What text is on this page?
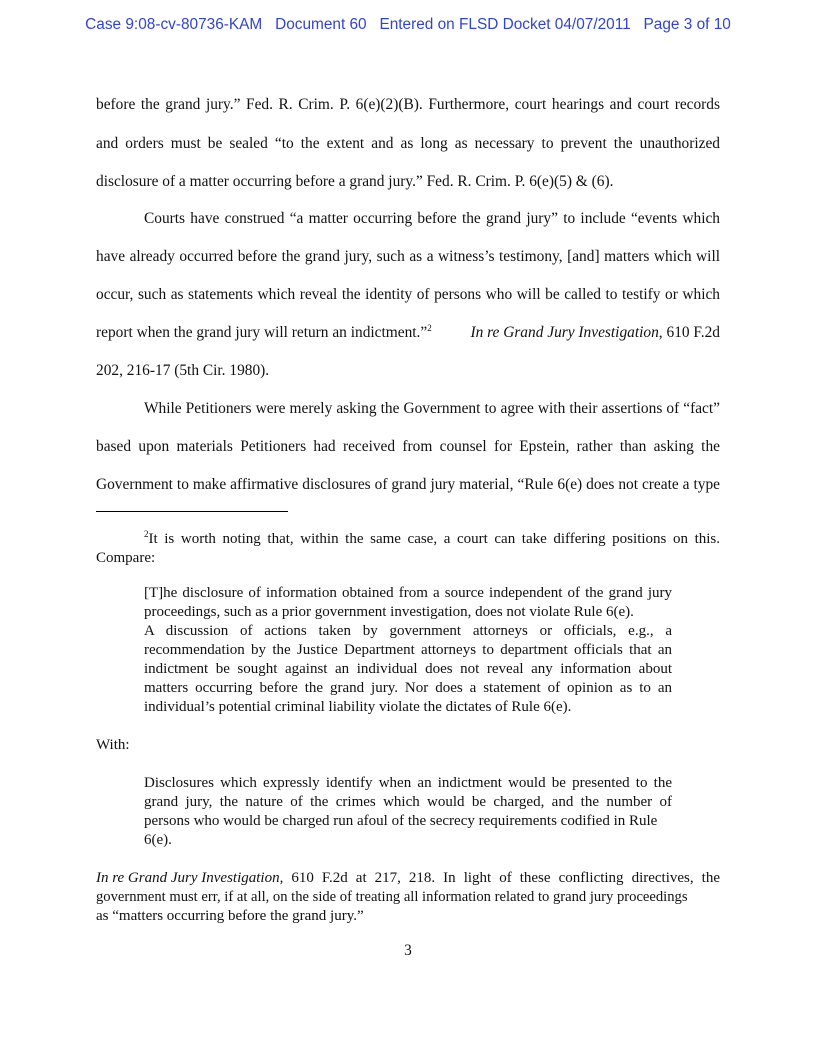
Case 9:08-cv-80736-KAM   Document 60   Entered on FLSD Docket 04/07/2011   Page 3 of 10
before the grand jury.” Fed. R. Crim. P. 6(e)(2)(B). Furthermore, court hearings and court records
and orders must be sealed “to the extent and as long as necessary to prevent the unauthorized
disclosure of a matter occurring before a grand jury.” Fed. R. Crim. P. 6(e)(5) & (6).
Courts have construed “a matter occurring before the grand jury” to include “events which
have already occurred before the grand jury, such as a witness’s testimony, [and] matters which will
occur, such as statements which reveal the identity of persons who will be called to testify or which
report when the grand jury will return an indictment.”$^2$	In re Grand Jury Investigation, 610 F.2d
202, 216-17 (5th Cir. 1980).
While Petitioners were merely asking the Government to agree with their assertions of “fact”
based upon materials Petitioners had received from counsel for Epstein, rather than asking the
Government to make affirmative disclosures of grand jury material, “Rule 6(e) does not create a type
$^2$It is worth noting that, within the same case, a court can take differing positions on this.
Compare:
[T]he disclosure of information obtained from a source independent of the grand jury
proceedings, such as a prior government investigation, does not violate Rule 6(e).
A discussion of actions taken by government attorneys or officials, e.g., a
recommendation by the Justice Department attorneys to department officials that an
indictment be sought against an individual does not reveal any information about
matters occurring before the grand jury. Nor does a statement of opinion as to an
individual’s potential criminal liability violate the dictates of Rule 6(e).
With:
Disclosures which expressly identify when an indictment would be presented to the
grand jury, the nature of the crimes which would be charged, and the number of
persons who would be charged run afoul of the secrecy requirements codified in Rule
6(e).
In re Grand Jury Investigation , 610 F.2d at 217, 218. In light of these conflicting directives, the
government must err, if at all, on the side of treating all information related to grand jury proceedings
as “matters occurring before the grand jury.”
3
